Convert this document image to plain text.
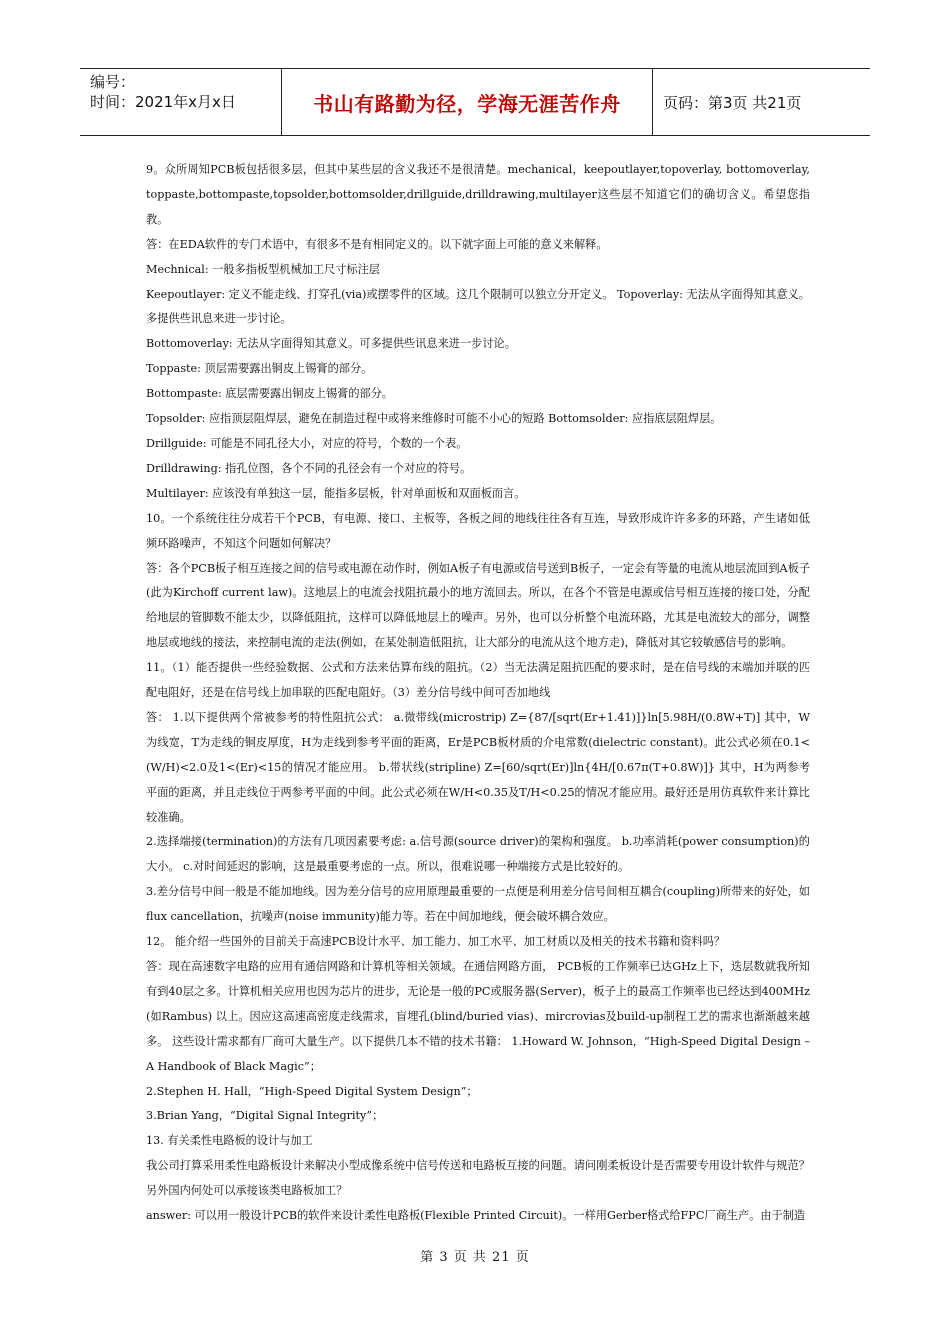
编号：
时间：2021年x月x日	书山有路勤为径，学海无涯苦作舟	页码：第3页 共21页

9。众所周知PCB板包括很多层，但其中某些层的含义我还不是很清楚。mechanical，keepoutlayer,topoverlay, bottomoverlay, toppaste,bottompaste,topsolder,bottomsolder,drillguide,drilldrawing,multilayer这些层不知道它们的确切含义。希望您指教。

答：在EDA软件的专门术语中，有很多不是有相同定义的。以下就字面上可能的意义来解释。

Mechnical: 一般多指板型机械加工尺寸标注层

Keepoutlayer: 定义不能走线、打穿孔(via)或摆零件的区域。这几个限制可以独立分开定义。 Topoverlay: 无法从字面得知其意义。多提供些讯息来进一步讨论。

Bottomoverlay: 无法从字面得知其意义。可多提供些讯息来进一步讨论。

Toppaste: 顶层需要露出铜皮上锡膏的部分。

Bottompaste: 底层需要露出铜皮上锡膏的部分。

Topsolder: 应指顶层阻焊层，避免在制造过程中或将来维修时可能不小心的短路 Bottomsolder: 应指底层阻焊层。

Drillguide: 可能是不同孔径大小，对应的符号，个数的一个表。

Drilldrawing: 指孔位图，各个不同的孔径会有一个对应的符号。

Multilayer: 应该没有单独这一层，能指多层板，针对单面板和双面板而言。

10。一个系统往往分成若干个PCB，有电源、接口、主板等，各板之间的地线往往各有互连，导致形成许许多多的环路，产生诸如低频环路噪声，不知这个问题如何解决？

答：各个PCB板子相互连接之间的信号或电源在动作时，例如A板子有电源或信号送到B板子，一定会有等量的电流从地层流回到A板子 (此为Kirchoff current law)。这地层上的电流会找阻抗最小的地方流回去。所以，在各个不管是电源或信号相互连接的接口处，分配给地层的管脚数不能太少，以降低阻抗，这样可以降低地层上的噪声。另外，也可以分析整个电流环路，尤其是电流较大的部分，调整地层或地线的接法，来控制电流的走法(例如，在某处制造低阻抗，让大部分的电流从这个地方走)，降低对其它较敏感信号的影响。

11。（1）能否提供一些经验数据、公式和方法来估算布线的阻抗。（2）当无法满足阻抗匹配的要求时，是在信号线的末端加并联的匹配电阻好，还是在信号线上加串联的匹配电阻好。（3）差分信号线中间可否加地线

答： 1.以下提供两个常被参考的特性阻抗公式： a.微带线(microstrip) Z={87/[sqrt(Er+1.41)]}ln[5.98H/(0.8W+T)] 其中，W为线宽，T为走线的铜皮厚度，H为走线到参考平面的距离，Er是PCB板材质的介电常数(dielectric constant)。此公式必须在0.1<(W/H)<2.0及1<(Er)<15的情况才能应用。 b.带状线(stripline) Z=[60/sqrt(Er)]ln{4H/[0.67π(T+0.8W)]} 其中，H为两参考平面的距离，并且走线位于两参考平面的中间。此公式必须在W/H<0.35及T/H<0.25的情况才能应用。最好还是用仿真软件来计算比较准确。

2.选择端接(termination)的方法有几项因素要考虑: a.信号源(source driver)的架构和强度。 b.功率消耗(power consumption)的大小。 c.对时间延迟的影响，这是最重要考虑的一点。所以，很难说哪一种端接方式是比较好的。

3.差分信号中间一般是不能加地线。因为差分信号的应用原理最重要的一点便是利用差分信号间相互耦合(coupling)所带来的好处，如flux cancellation，抗噪声(noise immunity)能力等。若在中间加地线，便会破坏耦合效应。

12。 能介绍一些国外的目前关于高速PCB设计水平、加工能力、加工水平、加工材质以及相关的技术书籍和资料吗？

答：现在高速数字电路的应用有通信网路和计算机等相关领域。在通信网路方面， PCB板的工作频率已达GHz上下，迭层数就我所知有到40层之多。计算机相关应用也因为芯片的进步，无论是一般的PC或服务器(Server)，板子上的最高工作频率也已经达到400MHz (如Rambus) 以上。因应这高速高密度走线需求，盲埋孔(blind/buried vias)、mircrovias及build-up制程工艺的需求也渐渐越来越多。 这些设计需求都有厂商可大量生产。以下提供几本不错的技术书籍： 1.Howard W. Johnson，“High-Speed Digital Design – A Handbook of Black Magic”；

2.Stephen H. Hall，“High-Speed Digital System Design”；

3.Brian Yang，“Digital Signal Integrity”；

13. 有关柔性电路板的设计与加工

我公司打算采用柔性电路板设计来解决小型成像系统中信号传送和电路板互接的问题。请问刚柔板设计是否需要专用设计软件与规范？另外国内何处可以承接该类电路板加工？

answer: 可以用一般设计PCB的软件来设计柔性电路板(Flexible Printed Circuit)。一样用Gerber格式给FPC厂商生产。由于制造

第 3 页 共 21 页
